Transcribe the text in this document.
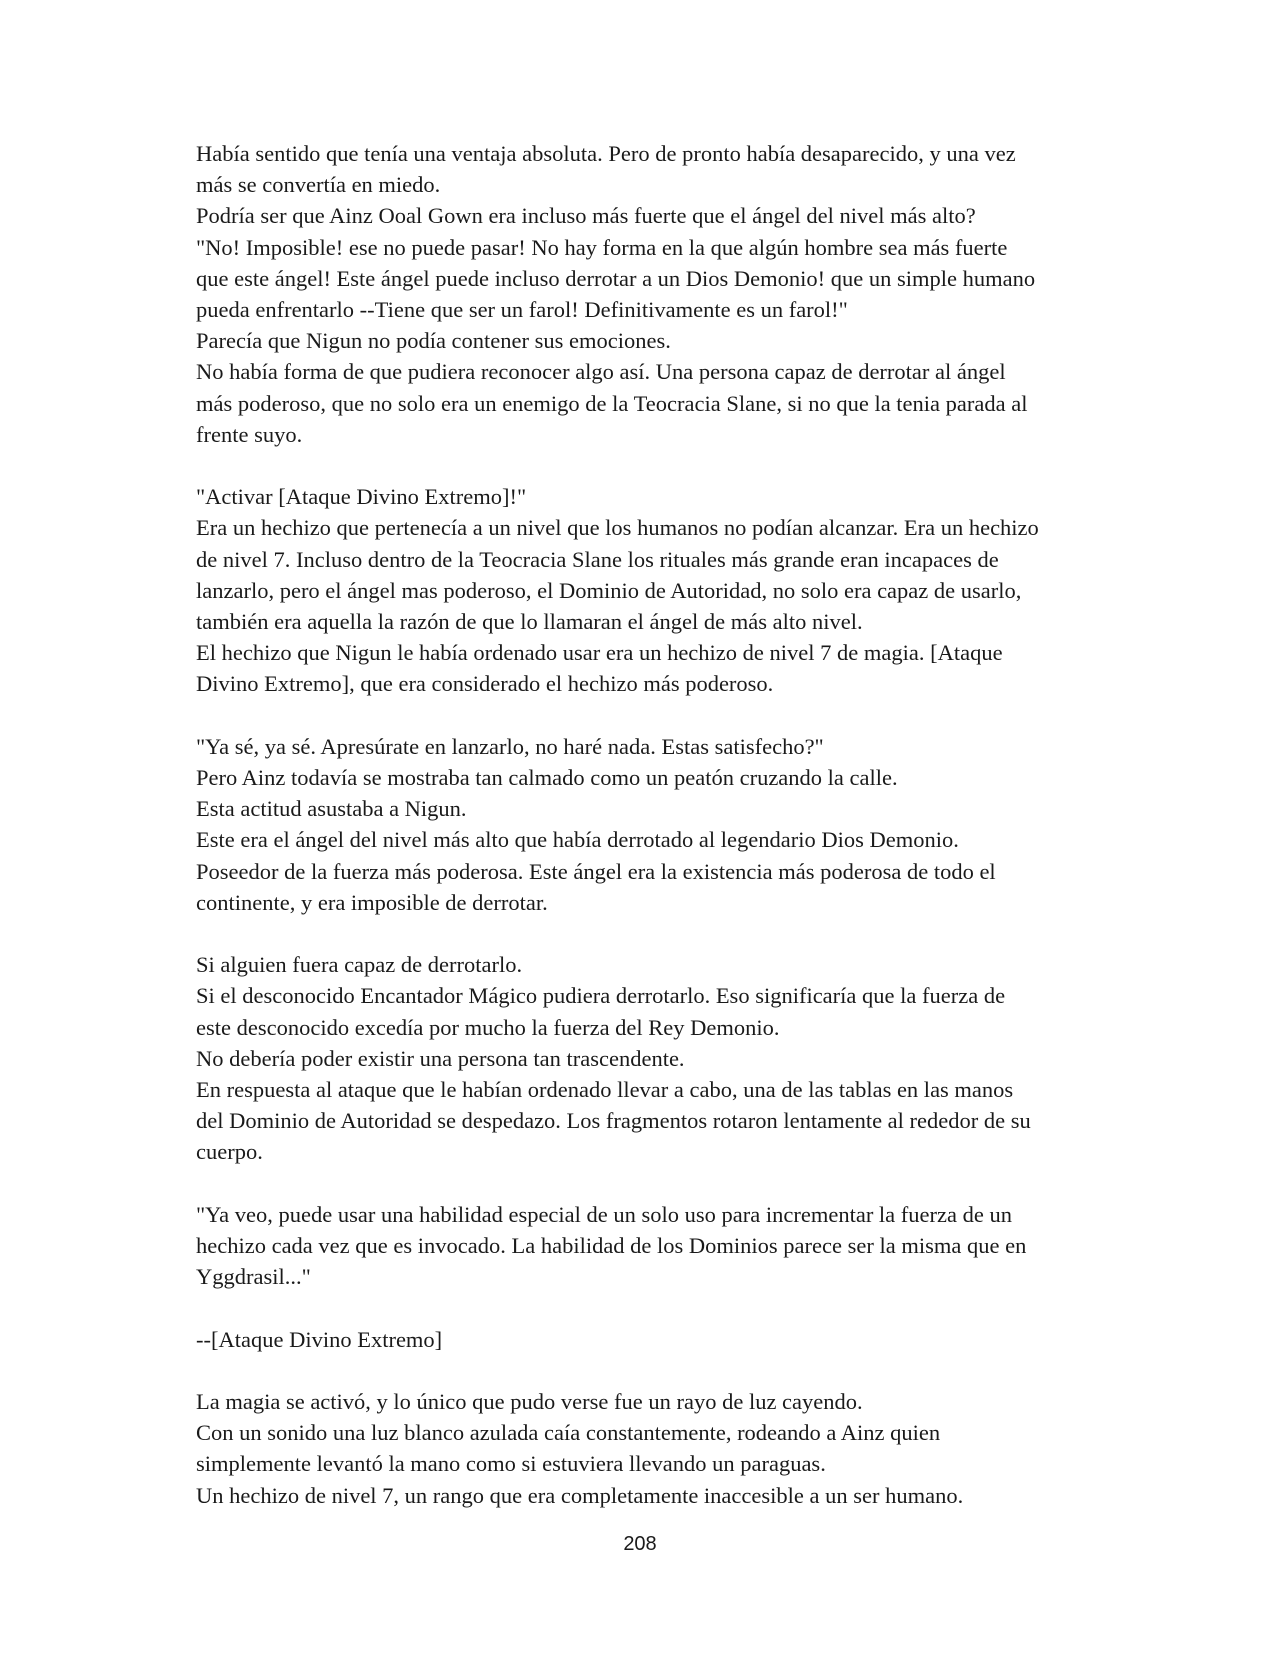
Había sentido que tenía una ventaja absoluta. Pero de pronto había desaparecido, y una vez
más se convertía en miedo.
Podría ser que Ainz Ooal Gown era incluso más fuerte que el ángel del nivel más alto?
"No! Imposible! ese no puede pasar! No hay forma en la que algún hombre sea más fuerte
que este ángel! Este ángel puede incluso derrotar a un Dios Demonio! que un simple humano
pueda enfrentarlo --Tiene que ser un farol! Definitivamente es un farol!"
Parecía que Nigun no podía contener sus emociones.
No había forma de que pudiera reconocer algo así. Una persona capaz de derrotar al ángel
más poderoso, que no solo era un enemigo de la Teocracia Slane, si no que la tenia parada al
frente suyo.
"Activar [Ataque Divino Extremo]!"
Era un hechizo que pertenecía a un nivel que los humanos no podían alcanzar. Era un hechizo
de nivel 7. Incluso dentro de la Teocracia Slane los rituales más grande eran incapaces de
lanzarlo, pero el ángel mas poderoso, el Dominio de Autoridad, no solo era capaz de usarlo,
también era aquella la razón de que lo llamaran el ángel de más alto nivel.
El hechizo que Nigun le había ordenado usar era un hechizo de nivel 7 de magia. [Ataque
Divino Extremo], que era considerado el hechizo más poderoso.
"Ya sé, ya sé. Apresúrate en lanzarlo, no haré nada. Estas satisfecho?"
Pero Ainz todavía se mostraba tan calmado como un peatón cruzando la calle.
Esta actitud asustaba a Nigun.
Este era el ángel del nivel más alto que había derrotado al legendario Dios Demonio.
Poseedor de la fuerza más poderosa. Este ángel era la existencia más poderosa de todo el
continente, y era imposible de derrotar.
Si alguien fuera capaz de derrotarlo.
Si el desconocido Encantador Mágico pudiera derrotarlo. Eso significaría que la fuerza de
este desconocido excedía por mucho la fuerza del Rey Demonio.
No debería poder existir una persona tan trascendente.
En respuesta al ataque que le habían ordenado llevar a cabo, una de las tablas en las manos
del Dominio de Autoridad se despedazo. Los fragmentos rotaron lentamente al rededor de su
cuerpo.
"Ya veo, puede usar una habilidad especial de un solo uso para incrementar la fuerza de un
hechizo cada vez que es invocado. La habilidad de los Dominios parece ser la misma que en
Yggdrasil..."
--[Ataque Divino Extremo]
La magia se activó, y lo único que pudo verse fue un rayo de luz cayendo.
Con un sonido una luz blanco azulada caía constantemente, rodeando a Ainz quien
simplemente levantó la mano como si estuviera llevando un paraguas.
Un hechizo de nivel 7, un rango que era completamente inaccesible a un ser humano.
208
